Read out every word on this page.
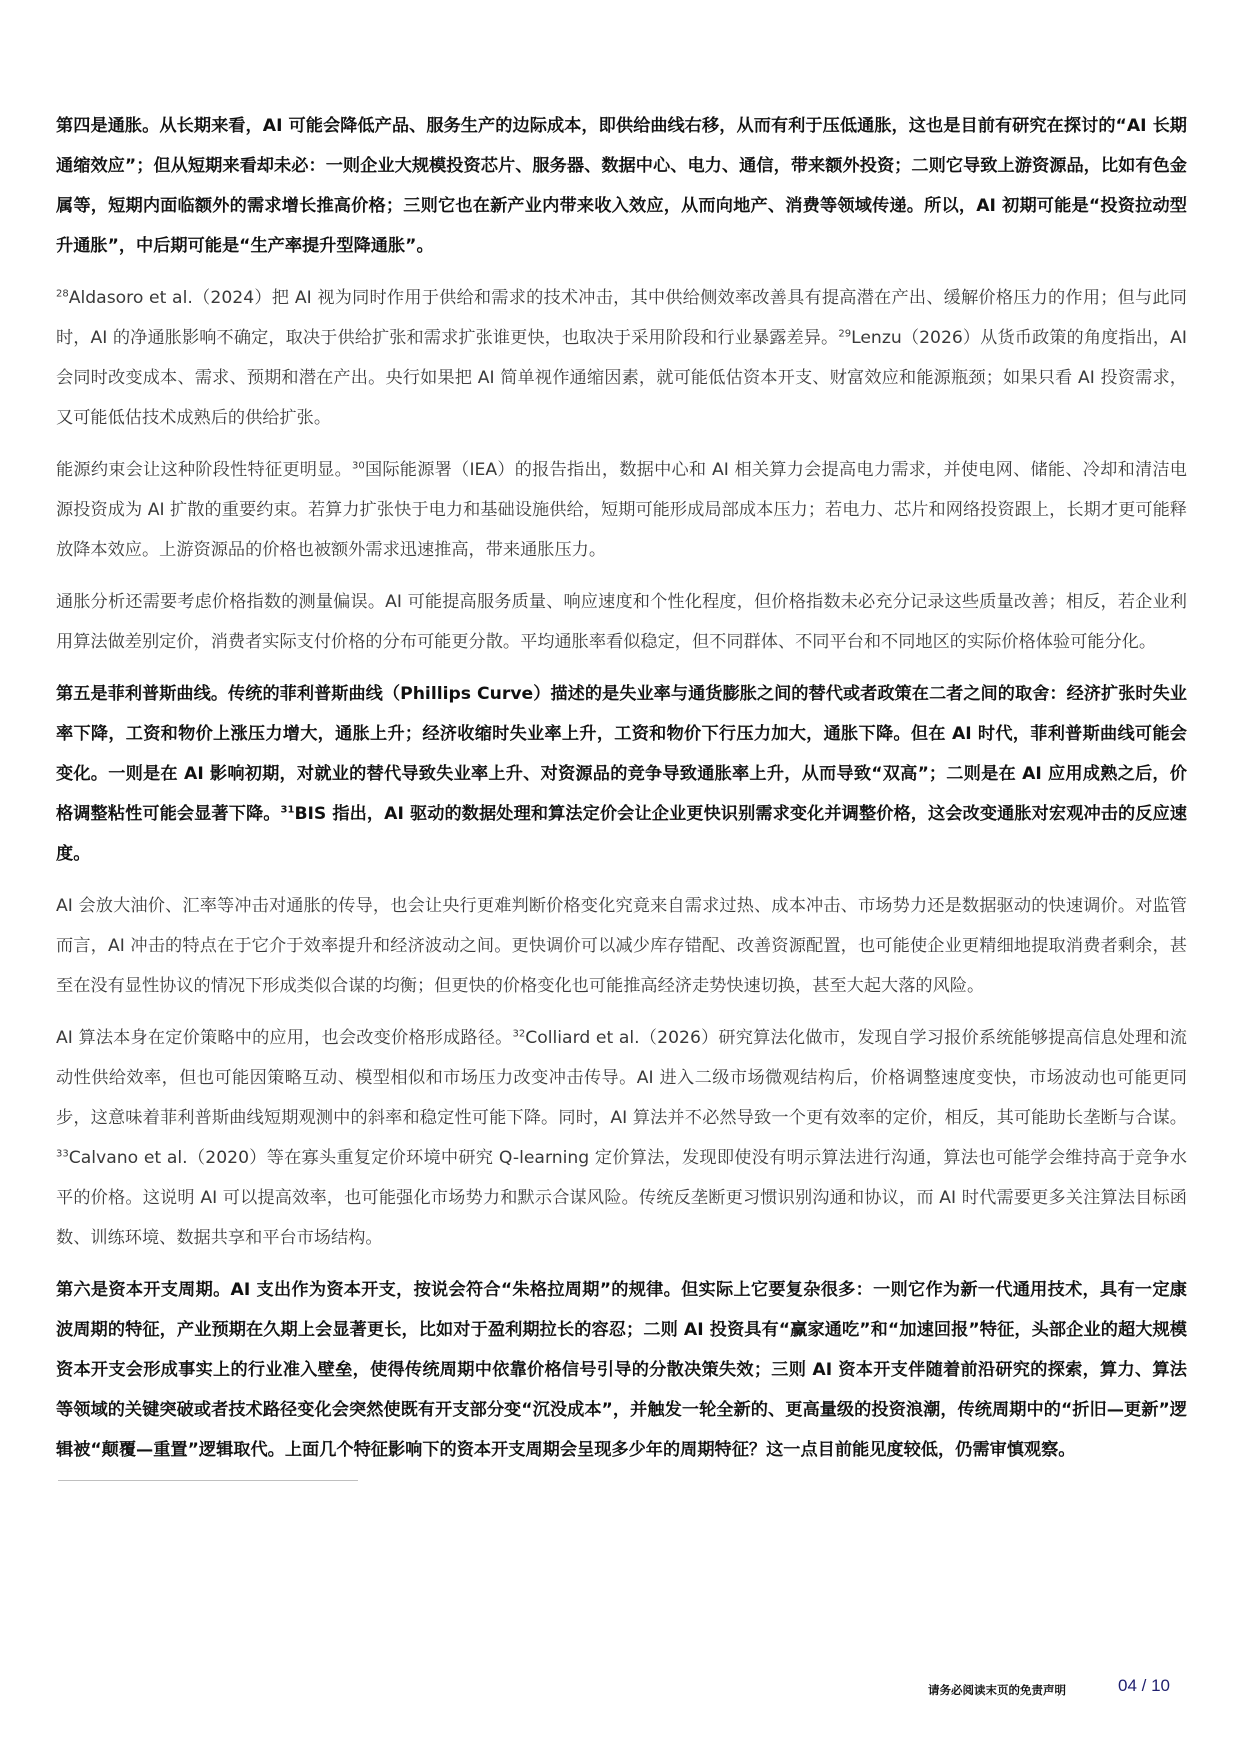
第四是通胀。从长期来看，AI 可能会降低产品、服务生产的边际成本，即供给曲线右移，从而有利于压低通胀，这也是目前有研究在探讨的“AI 长期通缩效应”；但从短期来看却未必：一则企业大规模投资芯片、服务器、数据中心、电力、通信，带来额外投资；二则它导致上游资源品，比如有色金属等，短期内面临额外的需求增长推高价格；三则它也在新产业内带来收入效应，从而向地产、消费等领域传递。所以，AI 初期可能是“投资拉动型升通胀”，中后期可能是“生产率提升型降通胀”。

$^{28}$Aldasoro et al.（2024）把 AI 视为同时作用于供给和需求的技术冲击，其中供给侧效率改善具有提高潜在产出、缓解价格压力的作用；但与此同时，AI 的净通胀影响不确定，取决于供给扩张和需求扩张谁更快，也取决于采用阶段和行业暴露差异。$^{29}$Lenzu（2026）从货币政策的角度指出，AI 会同时改变成本、需求、预期和潜在产出。央行如果把 AI 简单视作通缩因素，就可能低估资本开支、财富效应和能源瓶颈；如果只看 AI 投资需求，又可能低估技术成熟后的供给扩张。

能源约束会让这种阶段性特征更明显。$^{30}$国际能源署（IEA）的报告指出，数据中心和 AI 相关算力会提高电力需求，并使电网、储能、冷却和清洁电源投资成为 AI 扩散的重要约束。若算力扩张快于电力和基础设施供给，短期可能形成局部成本压力；若电力、芯片和网络投资跟上，长期才更可能释放降本效应。上游资源品的价格也被额外需求迅速推高，带来通胀压力。

通胀分析还需要考虑价格指数的测量偏误。AI 可能提高服务质量、响应速度和个性化程度，但价格指数未必充分记录这些质量改善；相反，若企业利用算法做差别定价，消费者实际支付价格的分布可能更分散。平均通胀率看似稳定，但不同群体、不同平台和不同地区的实际价格体验可能分化。

第五是菲利普斯曲线。传统的菲利普斯曲线（Phillips Curve）描述的是失业率与通货膨胀之间的替代或者政策在二者之间的取舍：经济扩张时失业率下降，工资和物价上涨压力增大，通胀上升；经济收缩时失业率上升，工资和物价下行压力加大，通胀下降。但在 AI 时代，菲利普斯曲线可能会变化。一则是在 AI 影响初期，对就业的替代导致失业率上升、对资源品的竞争导致通胀率上升，从而导致“双高”；二则是在 AI 应用成熟之后，价格调整粘性可能会显著下降。$^{31}$BIS 指出，AI 驱动的数据处理和算法定价会让企业更快识别需求变化并调整价格，这会改变通胀对宏观冲击的反应速度。

AI 会放大油价、汇率等冲击对通胀的传导，也会让央行更难判断价格变化究竟来自需求过热、成本冲击、市场势力还是数据驱动的快速调价。对监管而言，AI 冲击的特点在于它介于效率提升和经济波动之间。更快调价可以减少库存错配、改善资源配置，也可能使企业更精细地提取消费者剩余，甚至在没有显性协议的情况下形成类似合谋的均衡；但更快的价格变化也可能推高经济走势快速切换，甚至大起大落的风险。

AI 算法本身在定价策略中的应用，也会改变价格形成路径。$^{32}$Colliard et al.（2026）研究算法化做市，发现自学习报价系统能够提高信息处理和流动性供给效率，但也可能因策略互动、模型相似和市场压力改变冲击传导。AI 进入二级市场微观结构后，价格调整速度变快，市场波动也可能更同步，这意味着菲利普斯曲线短期观测中的斜率和稳定性可能下降。同时，AI 算法并不必然导致一个更有效率的定价，相反，其可能助长垄断与合谋。$^{33}$Calvano et al.（2020）等在寡头重复定价环境中研究 Q-learning 定价算法，发现即使没有明示算法进行沟通，算法也可能学会维持高于竞争水平的价格。这说明 AI 可以提高效率，也可能强化市场势力和默示合谋风险。传统反垄断更习惯识别沟通和协议，而 AI 时代需要更多关注算法目标函数、训练环境、数据共享和平台市场结构。

第六是资本开支周期。AI 支出作为资本开支，按说会符合“朱格拉周期”的规律。但实际上它要复杂很多：一则它作为新一代通用技术，具有一定康波周期的特征，产业预期在久期上会显著更长，比如对于盈利期拉长的容忍；二则 AI 投资具有“赢家通吃”和“加速回报”特征，头部企业的超大规模资本开支会形成事实上的行业准入壁垒，使得传统周期中依靠价格信号引导的分散决策失效；三则 AI 资本开支伴随着前沿研究的探索，算力、算法等领域的关键突破或者技术路径变化会突然使既有开支部分变“沉没成本”，并触发一轮全新的、更高量级的投资浪潮，传统周期中的“折旧—更新”逻辑被“颠覆—重置”逻辑取代。上面几个特征影响下的资本开支周期会呈现多少年的周期特征？这一点目前能见度较低，仍需审慎观察。

请务必阅读末页的免责声明	04 / 10
